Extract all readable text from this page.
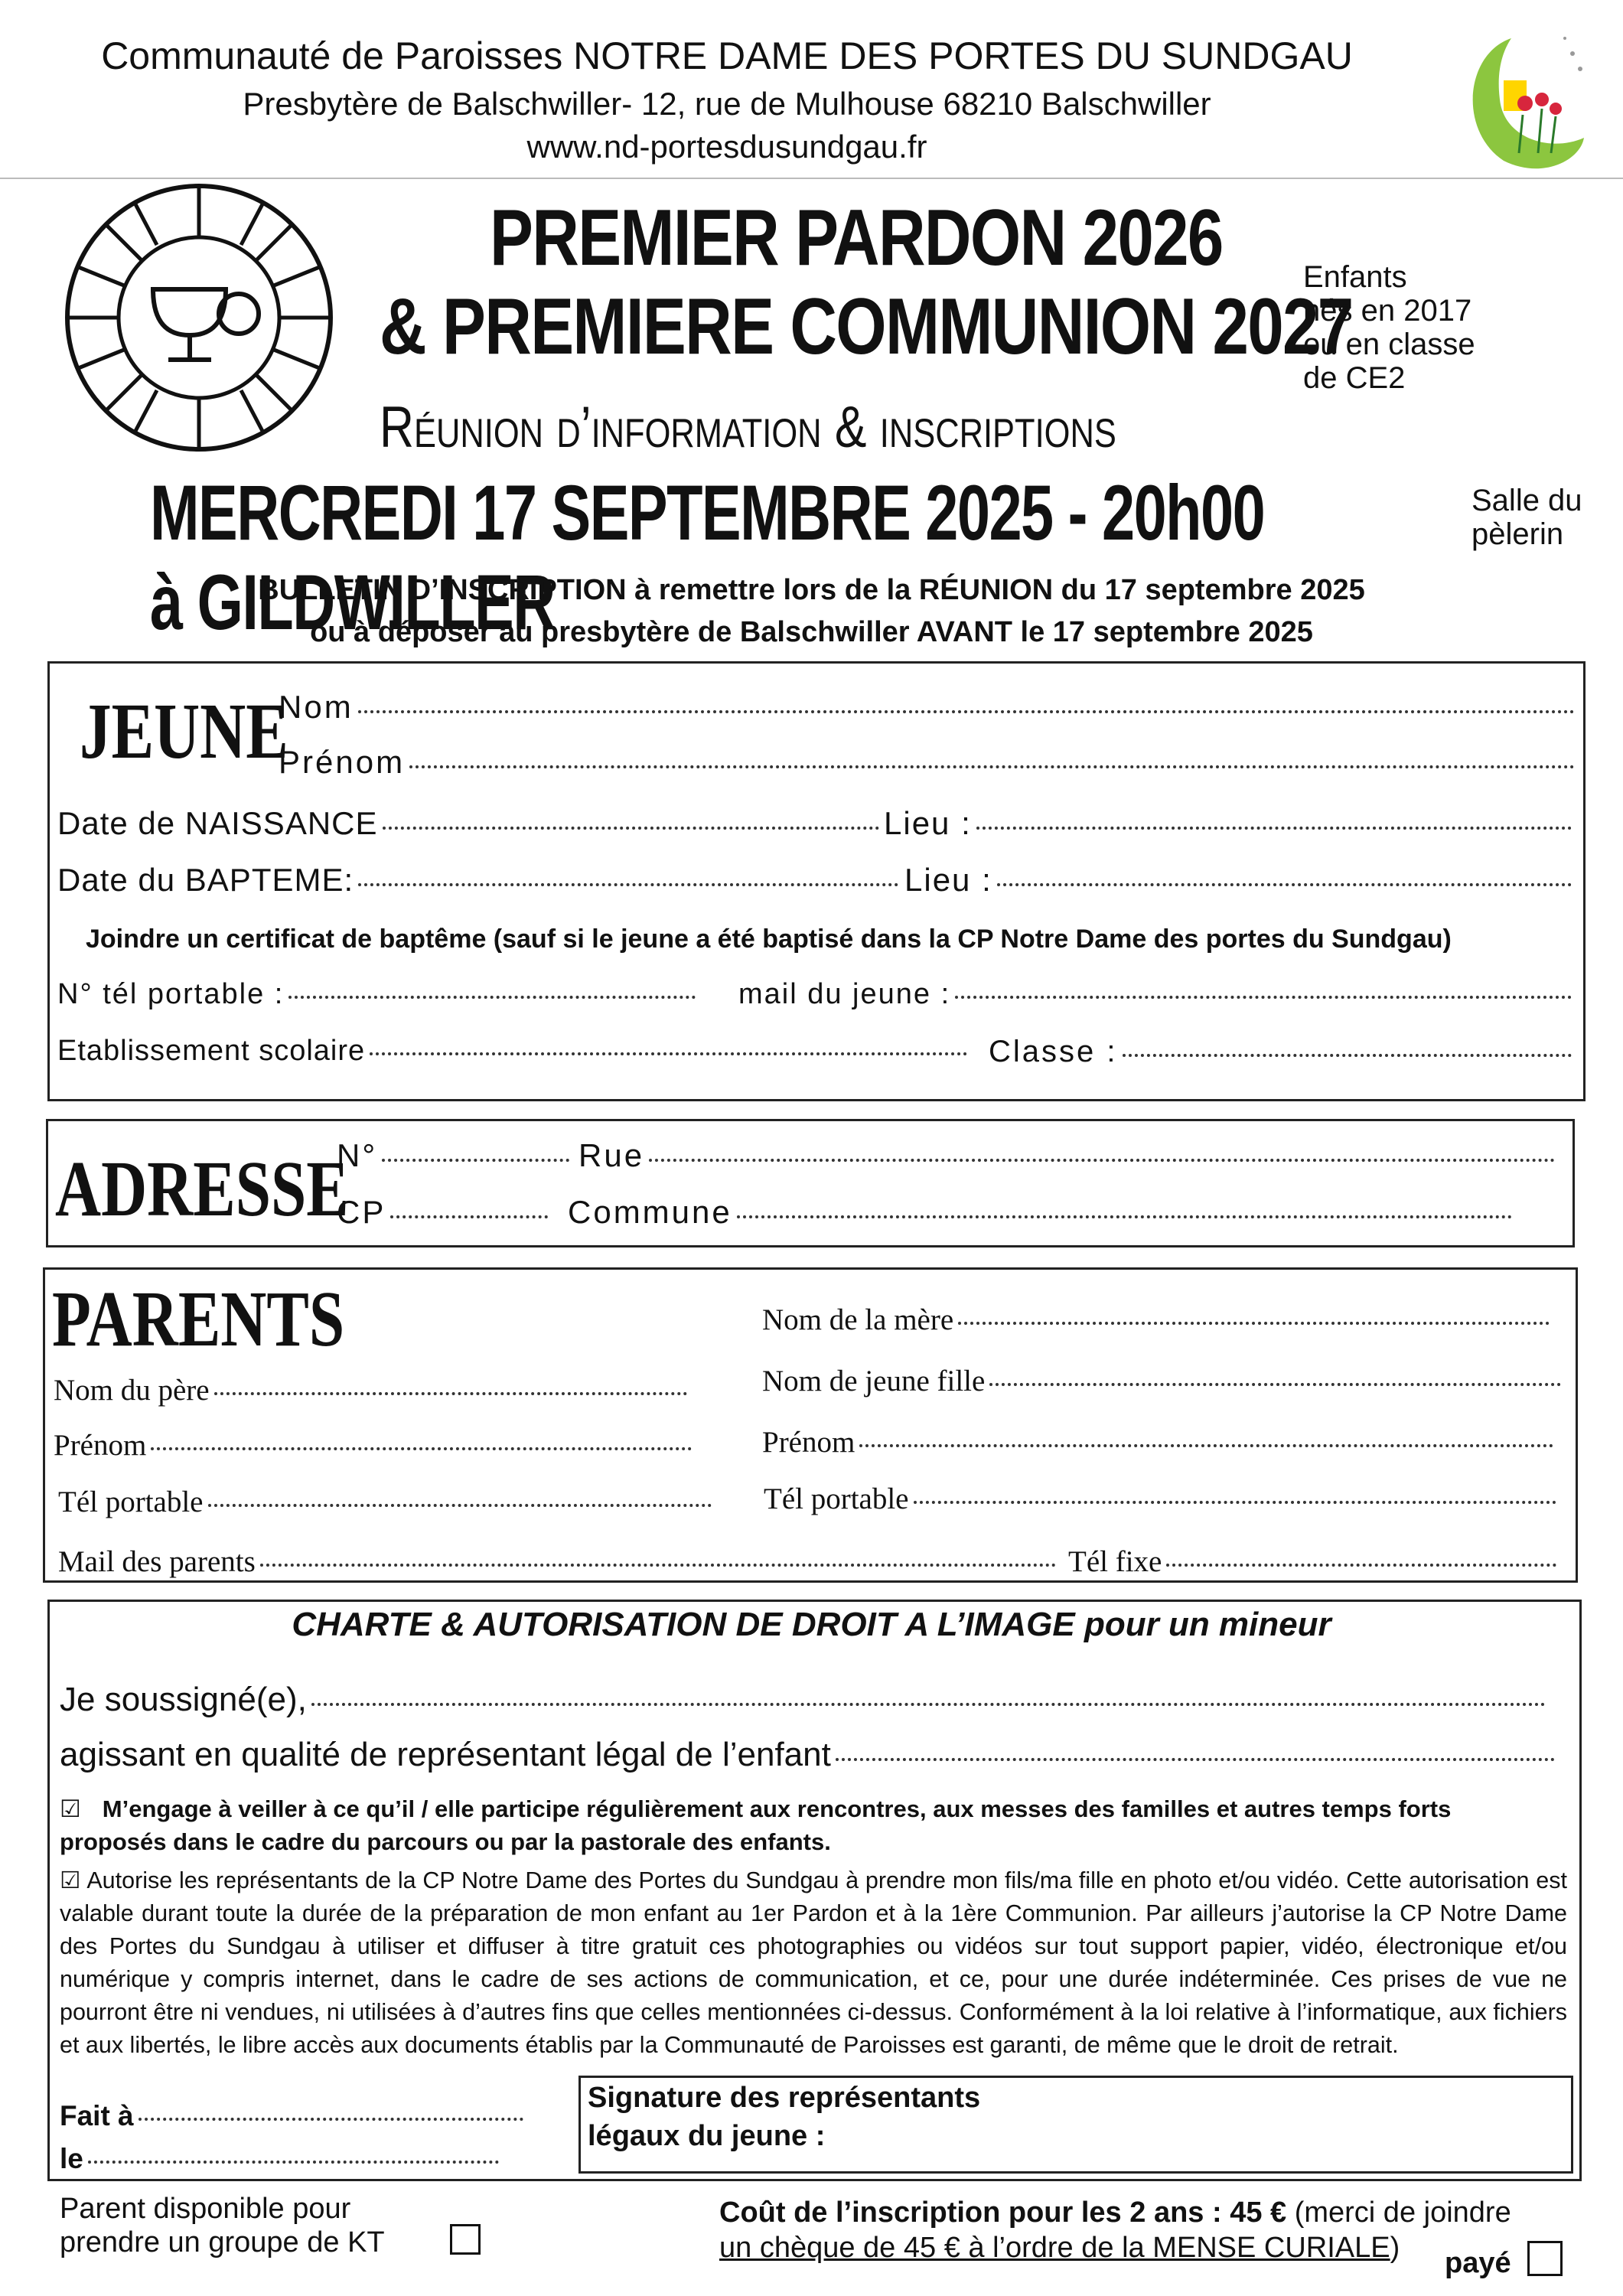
Communauté de Paroisses NOTRE DAME DES PORTES DU SUNDGAU
Presbytère de Balschwiller- 12, rue de Mulhouse 68210 Balschwiller
www.nd-portesdusundgau.fr
PREMIER PARDON 2026
& PREMIERE COMMUNION 2027
Réunion d’information & inscriptions
MERCREDI 17 SEPTEMBRE 2025 - 20h00 à GILDWILLER
Enfants
nés en 2017
ou en classe
de CE2
Salle du
pèlerin
BULLETIN D’INSCRIPTION à remettre lors de la RÉUNION du 17 septembre 2025
ou à déposer au presbytère de Balschwiller AVANT le 17 septembre 2025
JEUNE
Nom
Prénom
Date de NAISSANCE	Lieu :
Date du BAPTEME:	Lieu :
Joindre un certificat de baptême (sauf si le jeune a été baptisé dans la CP Notre Dame des portes du Sundgau)
N° tél portable :	mail du jeune :
Etablissement scolaire	Classe :
ADRESSE
N°	Rue
CP	Commune
PARENTS	Nom de la mère
Nom de jeune fille
Prénom
Tél portable
Nom du père
Prénom
Tél portable
Mail des parents	Tél fixe
CHARTE & AUTORISATION DE DROIT A L’IMAGE pour un mineur
Je soussigné(e),
agissant en qualité de représentant légal de l’enfant
☑ M’engage à veiller à ce qu’il / elle participe régulièrement aux rencontres, aux messes des familles et autres temps forts proposés dans le cadre du parcours ou par la pastorale des enfants.
☑ Autorise les représentants de la CP Notre Dame des Portes du Sundgau à prendre mon fils/ma fille en photo et/ou vidéo. Cette autorisation est valable durant toute la durée de la préparation de mon enfant au 1er Pardon et à la 1ère Communion. Par ailleurs j’autorise la CP Notre Dame des Portes du Sundgau à utiliser et diffuser à titre gratuit ces photographies ou vidéos sur tout support papier, vidéo, électronique et/ou numérique y compris internet, dans le cadre de ses actions de communication, et ce, pour une durée indéterminée. Ces prises de vue ne pourront être ni vendues, ni utilisées à d’autres fins que celles mentionnées ci-dessus. Conformément à la loi relative à l’informatique, aux fichiers et aux libertés, le libre accès aux documents établis par la Communauté de Paroisses est garanti, de même que le droit de retrait.
Fait à
le
Signature des représentants
légaux du jeune :
Parent disponible pour
prendre un groupe de KT
Coût de l’inscription pour les 2 ans : 45 € (merci de joindre
un chèque de 45 € à l’ordre de la MENSE CURIALE) payé
